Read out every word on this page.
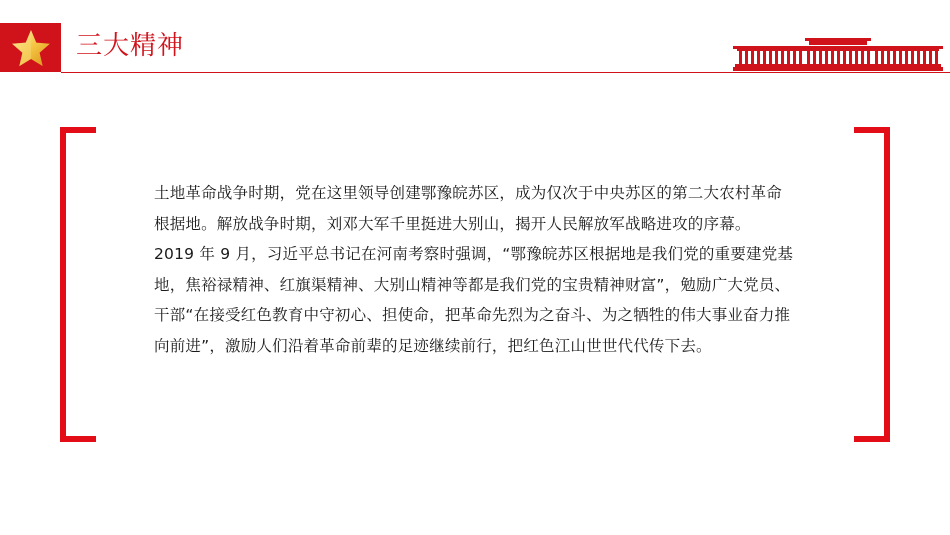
三大精神

土地革命战争时期，党在这里领导创建鄂豫皖苏区，成为仅次于中央苏区的第二大农村革命根据地。解放战争时期，刘邓大军千里挺进大别山，揭开人民解放军战略进攻的序幕。 2019 年 9 月，习近平总书记在河南考察时强调，“鄂豫皖苏区根据地是我们党的重要建党基地，焦裕禄精神、红旗渠精神、大别山精神等都是我们党的宝贵精神财富”，勉励广大党员、干部“在接受红色教育中守初心、担使命，把革命先烈为之奋斗、为之牺牲的伟大事业奋力推向前进”，激励人们沿着革命前辈的足迹继续前行，把红色江山世世代代传下去。
